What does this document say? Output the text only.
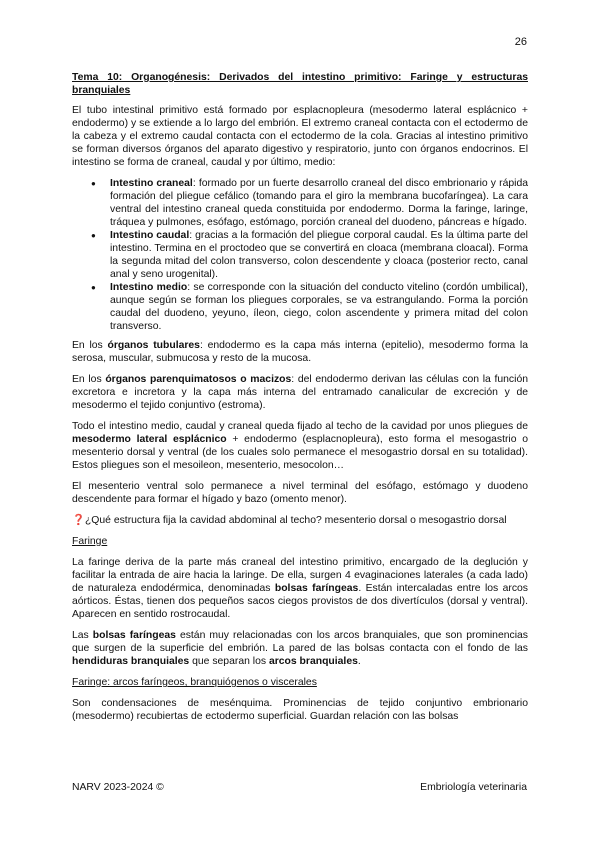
26
Tema 10: Organogénesis: Derivados del intestino primitivo: Faringe y estructuras branquiales

El tubo intestinal primitivo está formado por esplacnopleura (mesodermo lateral esplácnico + endodermo) y se extiende a lo largo del embrión. El extremo craneal contacta con el ectodermo de la cabeza y el extremo caudal contacta con el ectodermo de la cola. Gracias al intestino primitivo se forman diversos órganos del aparato digestivo y respiratorio, junto con órganos endocrinos. El intestino se forma de craneal, caudal y por último, medio:

● Intestino craneal: formado por un fuerte desarrollo craneal del disco embrionario y rápida formación del pliegue cefálico (tomando para el giro la membrana bucofaríngea). La cara ventral del intestino craneal queda constituida por endodermo. Dorma la faringe, laringe, tráquea y pulmones, esófago, estómago, porción craneal del duodeno, páncreas e hígado.
● Intestino caudal: gracias a la formación del pliegue corporal caudal. Es la última parte del intestino. Termina en el proctodeo que se convertirá en cloaca (membrana cloacal). Forma la segunda mitad del colon transverso, colon descendente y cloaca (posterior recto, canal anal y seno urogenital).
● Intestino medio: se corresponde con la situación del conducto vitelino (cordón umbilical), aunque según se forman los pliegues corporales, se va estrangulando. Forma la porción caudal del duodeno, yeyuno, íleon, ciego, colon ascendente y primera mitad del colon transverso.

En los órganos tubulares: endodermo es la capa más interna (epitelio), mesodermo forma la serosa, muscular, submucosa y resto de la mucosa.

En los órganos parenquimatosos o macizos: del endodermo derivan las células con la función excretora e incretora y la capa más interna del entramado canalicular de excreción y de mesodermo el tejido conjuntivo (estroma).

Todo el intestino medio, caudal y craneal queda fijado al techo de la cavidad por unos pliegues de mesodermo lateral esplácnico + endodermo (esplacnopleura), esto forma el mesogastrio o mesenterio dorsal y ventral (de los cuales solo permanece el mesogastrio dorsal en su totalidad). Estos pliegues son el mesoileon, mesenterio, mesocolon…

El mesenterio ventral solo permanece a nivel terminal del esófago, estómago y duodeno descendente para formar el hígado y bazo (omento menor).

❓¿Qué estructura fija la cavidad abdominal al techo? mesenterio dorsal o mesogastrio dorsal

Faringe

La faringe deriva de la parte más craneal del intestino primitivo, encargado de la deglución y facilitar la entrada de aire hacia la laringe. De ella, surgen 4 evaginaciones laterales (a cada lado) de naturaleza endodérmica, denominadas bolsas faríngeas. Están intercaladas entre los arcos aórticos. Éstas, tienen dos pequeños sacos ciegos provistos de dos divertículos (dorsal y ventral). Aparecen en sentido rostrocaudal.

Las bolsas faríngeas están muy relacionadas con los arcos branquiales, que son prominencias que surgen de la superficie del embrión. La pared de las bolsas contacta con el fondo de las hendiduras branquiales que separan los arcos branquiales.

Faringe: arcos faríngeos, branquiógenos o viscerales

Son condensaciones de mesénquima. Prominencias de tejido conjuntivo embrionario (mesodermo) recubiertas de ectodermo superficial. Guardan relación con las bolsas

NARV 2023-2024 ©	Embriología veterinaria
